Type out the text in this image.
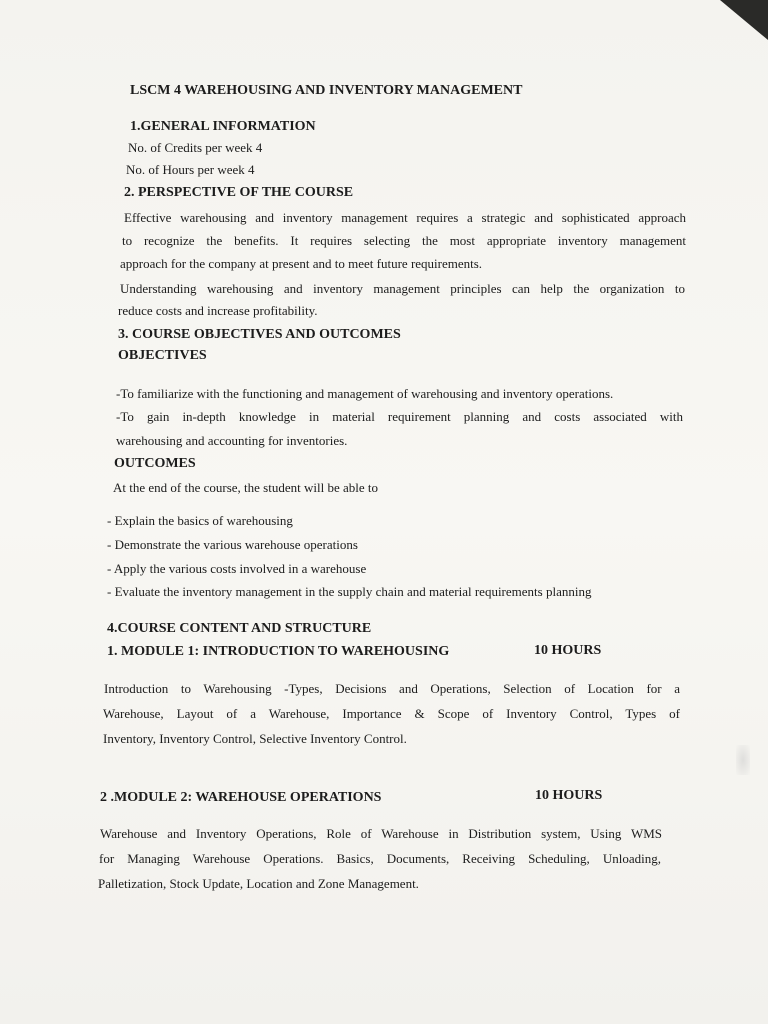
LSCM 4 WAREHOUSING AND INVENTORY MANAGEMENT
1.GENERAL INFORMATION
No. of Credits per week 4
No. of Hours per week 4
2. PERSPECTIVE OF THE COURSE
Effective warehousing and inventory management requires a strategic and sophisticated approach
to recognize the benefits. It requires selecting the most appropriate inventory management
approach for the company at present and to meet future requirements.
Understanding warehousing and inventory management principles can help the organization to
reduce costs and increase profitability.
3. COURSE OBJECTIVES AND OUTCOMES
OBJECTIVES
-To familiarize with the functioning and management of warehousing and inventory operations.
-To gain in-depth knowledge in material requirement planning and costs associated with
warehousing and accounting for inventories.
OUTCOMES
At the end of the course, the student will be able to
- Explain the basics of warehousing
- Demonstrate the various warehouse operations
- Apply the various costs involved in a warehouse
- Evaluate the inventory management in the supply chain and material requirements planning
4.COURSE CONTENT AND STRUCTURE
1. MODULE 1: INTRODUCTION TO WAREHOUSING	10 HOURS
Introduction to Warehousing -Types, Decisions and Operations, Selection of Location for a
Warehouse, Layout of a Warehouse, Importance & Scope of Inventory Control, Types of
Inventory, Inventory Control, Selective Inventory Control.
2 .MODULE 2: WAREHOUSE OPERATIONS	10 HOURS
Warehouse and Inventory Operations, Role of Warehouse in Distribution system, Using WMS
for Managing Warehouse Operations. Basics, Documents, Receiving Scheduling, Unloading,
Palletization, Stock Update, Location and Zone Management.
